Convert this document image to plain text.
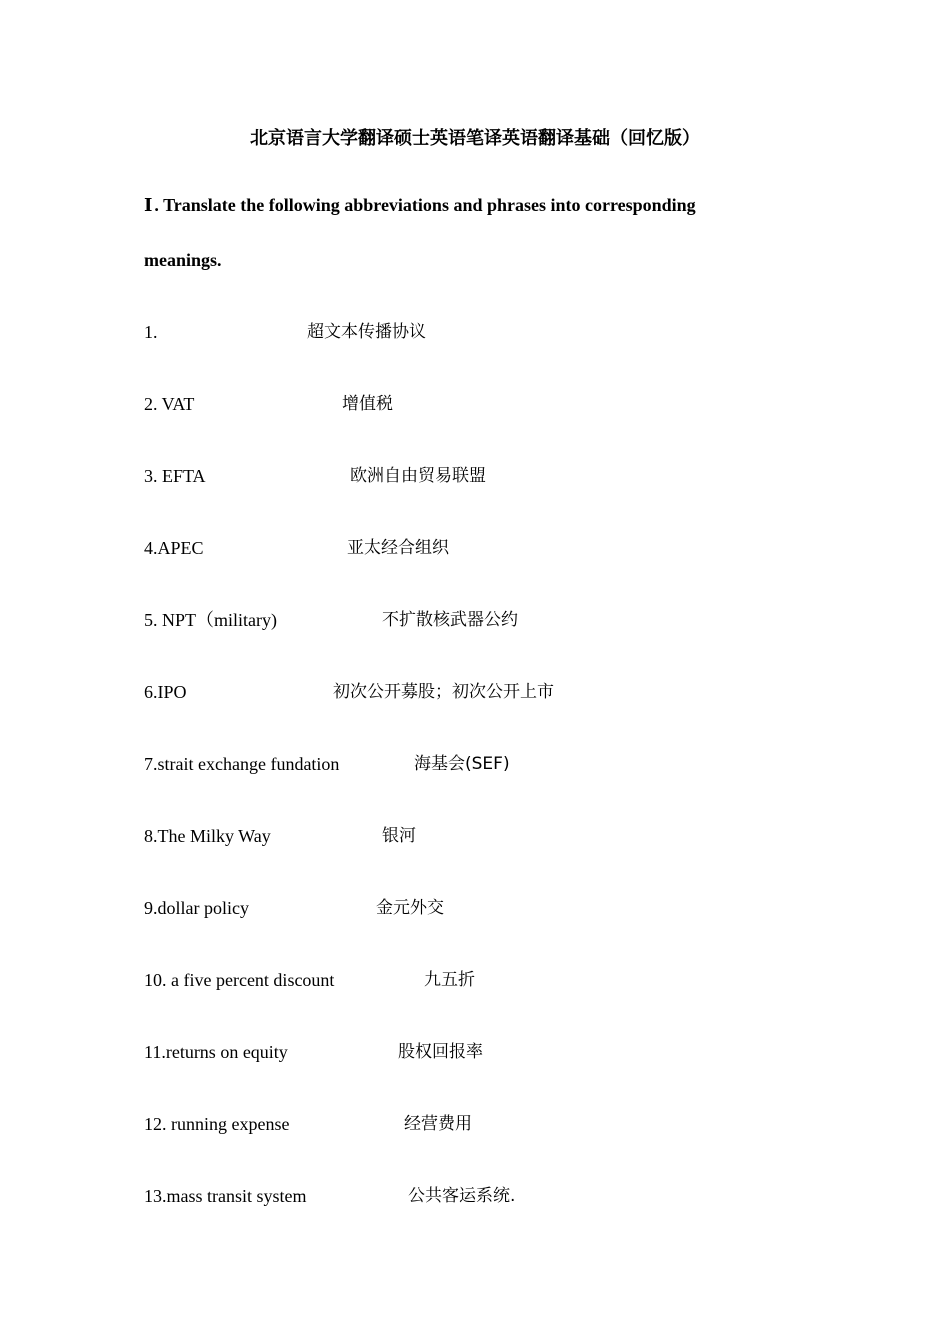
北京语言大学翻译硕士英语笔译英语翻译基础（回忆版）
Ⅰ . Translate the following abbreviations and phrases into corresponding
meanings.
1.	超文本传播协议
2. VAT	增值税
3. EFTA	欧洲自由贸易联盟
4.APEC	亚太经合组织
5. NPT（military)	不扩散核武器公约
6.IPO	初次公开募股；初次公开上市
7.strait exchange fundation	海基会(SEF)
8.The Milky Way	银河
9.dollar policy	金元外交
10. a five percent discount	九五折
11.returns on equity	股权回报率
12. running expense	经营费用
13.mass transit system	公共客运系统.
